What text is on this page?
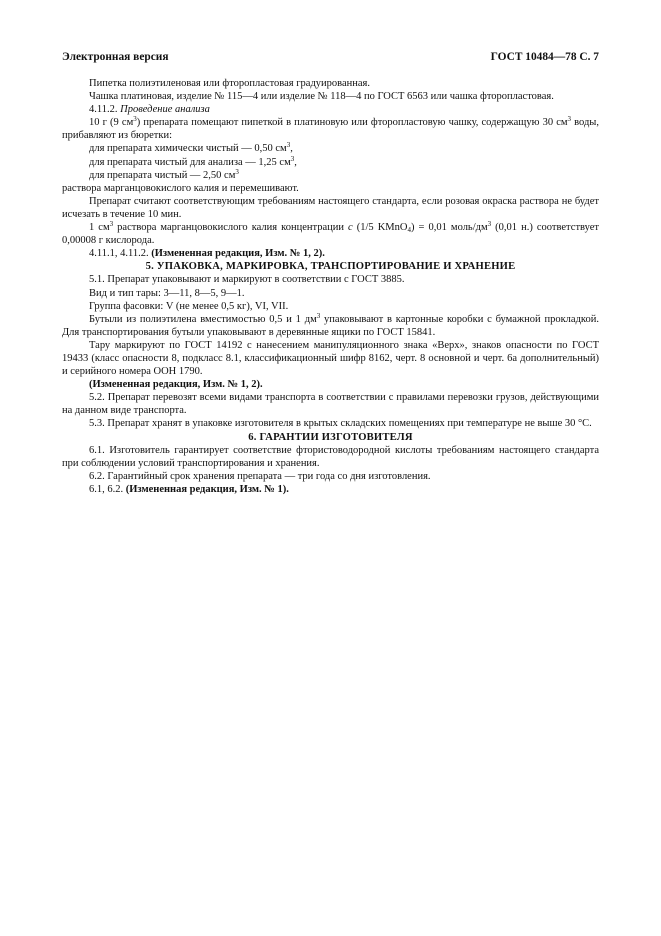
Электронная версия	ГОСТ 10484—78 С. 7

Пипетка полиэтиленовая или фторопластовая градуированная.

Чашка платиновая, изделие № 115—4 или изделие № 118—4 по ГОСТ 6563 или чашка фторопластовая.

4.11.2. Проведение анализа

10 г (9 $см^3$) препарата помещают пипеткой в платиновую или фторопластовую чашку, содержащую 30 $см^3$ воды, прибавляют из бюретки:

для препарата химически чистый — 0,50 $см^3$,

для препарата чистый для анализа — 1,25 $см^3$,

для препарата чистый — 2,50 $см^3$

раствора марганцовокислого калия и перемешивают.

Препарат считают соответствующим требованиям настоящего стандарта, если розовая окраска раствора не будет исчезать в течение 10 мин.

1 $см^3$ раствора марганцовокислого калия концентрации c (1/5 KMnO$_4$) = 0,01 моль/$дм^3$ (0,01 н.) соответствует 0,00008 г кислорода.

4.11.1, 4.11.2. (Измененная редакция, Изм. № 1, 2).

5. УПАКОВКА, МАРКИРОВКА, ТРАНСПОРТИРОВАНИЕ И ХРАНЕНИЕ

5.1. Препарат упаковывают и маркируют в соответствии с ГОСТ 3885.

Вид и тип тары: 3—11, 8—5, 9—1.

Группа фасовки: V (не менее 0,5 кг), VI, VII.

Бутыли из полиэтилена вместимостью 0,5 и 1 $дм^3$ упаковывают в картонные коробки с бумажной прокладкой. Для транспортирования бутыли упаковывают в деревянные ящики по ГОСТ 15841.

Тару маркируют по ГОСТ 14192 с нанесением манипуляционного знака «Верх», знаков опасности по ГОСТ 19433 (класс опасности 8, подкласс 8.1, классификационный шифр 8162, черт. 8 основной и черт. 6а дополнительный) и серийного номера ООН 1790.

(Измененная редакция, Изм. № 1, 2).

5.2. Препарат перевозят всеми видами транспорта в соответствии с правилами перевозки грузов, действующими на данном виде транспорта.

5.3. Препарат хранят в упаковке изготовителя в крытых складских помещениях при температуре не выше 30 °С.

6. ГАРАНТИИ ИЗГОТОВИТЕЛЯ

6.1. Изготовитель гарантирует соответствие фтористоводородной кислоты требованиям настоящего стандарта при соблюдении условий транспортирования и хранения.

6.2. Гарантийный срок хранения препарата — три года со дня изготовления.

6.1, 6.2. (Измененная редакция, Изм. № 1).
